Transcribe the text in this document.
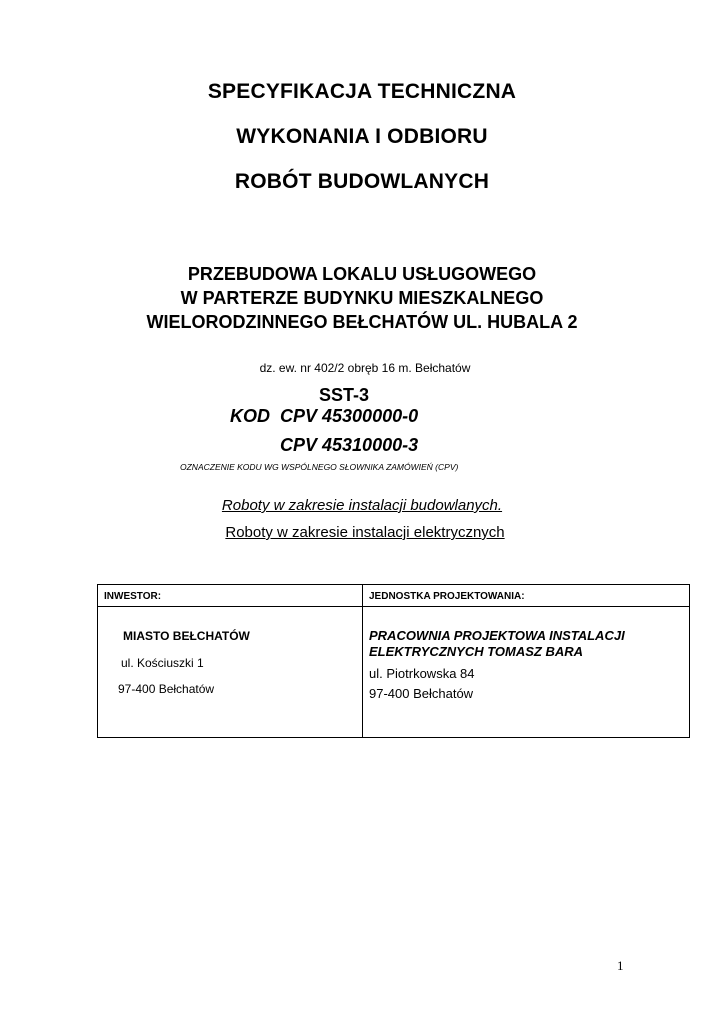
SPECYFIKACJA TECHNICZNA

WYKONANIA I ODBIORU

ROBÓT BUDOWLANYCH

PRZEBUDOWA LOKALU USŁUGOWEGO

W PARTERZE BUDYNKU MIESZKALNEGO

WIELORODZINNEGO BEŁCHATÓW UL. HUBALA 2

dz. ew. nr 402/2 obręb 16 m. Bełchatów
SST-3
KOD  CPV 45300000-0
CPV 45310000-3
OZNACZENIE KODU WG WSPÓLNEGO SŁOWNIKA ZAMÓWIEŃ (CPV)
Roboty w zakresie instalacji budowlanych.
Roboty w zakresie instalacji elektrycznych
INWESTOR:	JEDNOSTKA PROJEKTOWANIA:
MIASTO BEŁCHATÓW
ul. Kościuszki 1
97-400 Bełchatów
PRACOWNIA PROJEKTOWA INSTALACJI ELEKTRYCZNYCH TOMASZ BARA
ul. Piotrkowska 84
97-400 Bełchatów
1
